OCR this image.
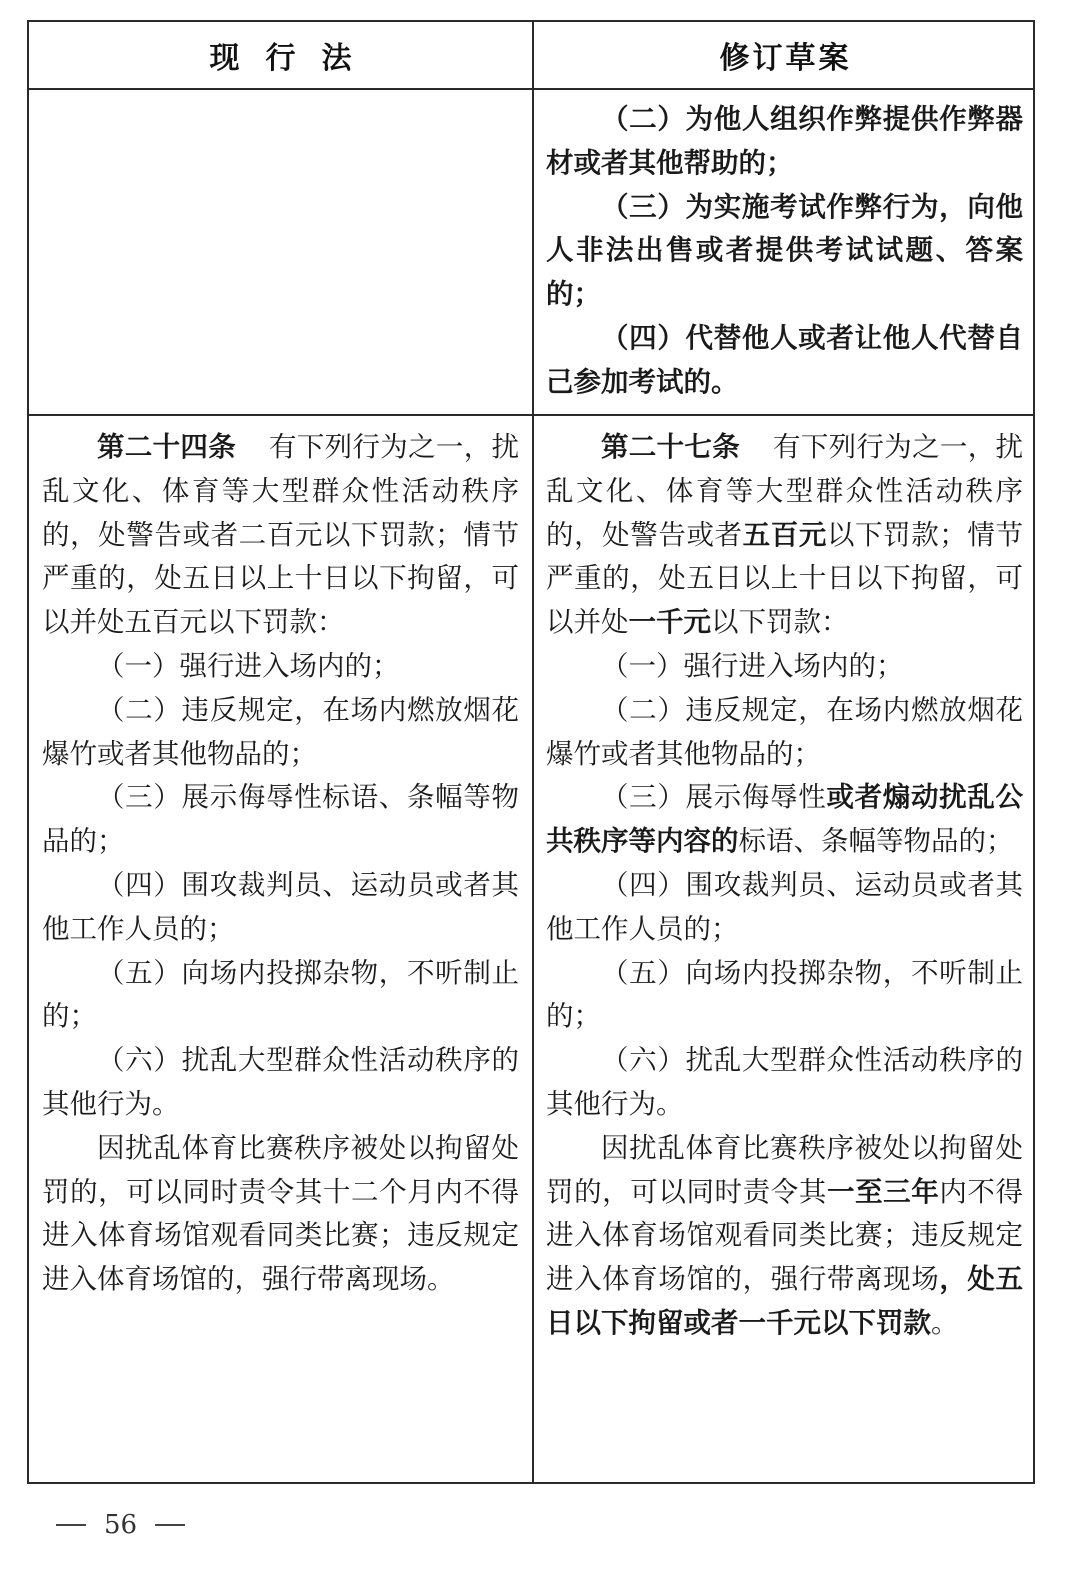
现行法	修订草案

（二）为他人组织作弊提供作弊器材或者其他帮助的；

（三）为实施考试作弊行为，向他人非法出售或者提供考试试题、答案的；

（四）代替他人或者让他人代替自己参加考试的。

第二十四条 有下列行为之一，扰乱文化、体育等大型群众性活动秩序的，处警告或者二百元以下罚款；情节严重的，处五日以上十日以下拘留，可以并处五百元以下罚款：

（一）强行进入场内的；

（二）违反规定，在场内燃放烟花爆竹或者其他物品的；

（三）展示侮辱性标语、条幅等物品的；

（四）围攻裁判员、运动员或者其他工作人员的；

（五）向场内投掷杂物，不听制止的；

（六）扰乱大型群众性活动秩序的其他行为。

因扰乱体育比赛秩序被处以拘留处罚的，可以同时责令其十二个月内不得进入体育场馆观看同类比赛；违反规定进入体育场馆的，强行带离现场。

第二十七条 有下列行为之一，扰乱文化、体育等大型群众性活动秩序的，处警告或者五百元以下罚款；情节严重的，处五日以上十日以下拘留，可以并处一千元以下罚款：

（一）强行进入场内的；

（二）违反规定，在场内燃放烟花爆竹或者其他物品的；

（三）展示侮辱性或者煽动扰乱公共秩序等内容的标语、条幅等物品的；

（四）围攻裁判员、运动员或者其他工作人员的；

（五）向场内投掷杂物，不听制止的；

（六）扰乱大型群众性活动秩序的其他行为。

因扰乱体育比赛秩序被处以拘留处罚的，可以同时责令其一至三年内不得进入体育场馆观看同类比赛；违反规定进入体育场馆的，强行带离现场，处五日以下拘留或者一千元以下罚款。

56
